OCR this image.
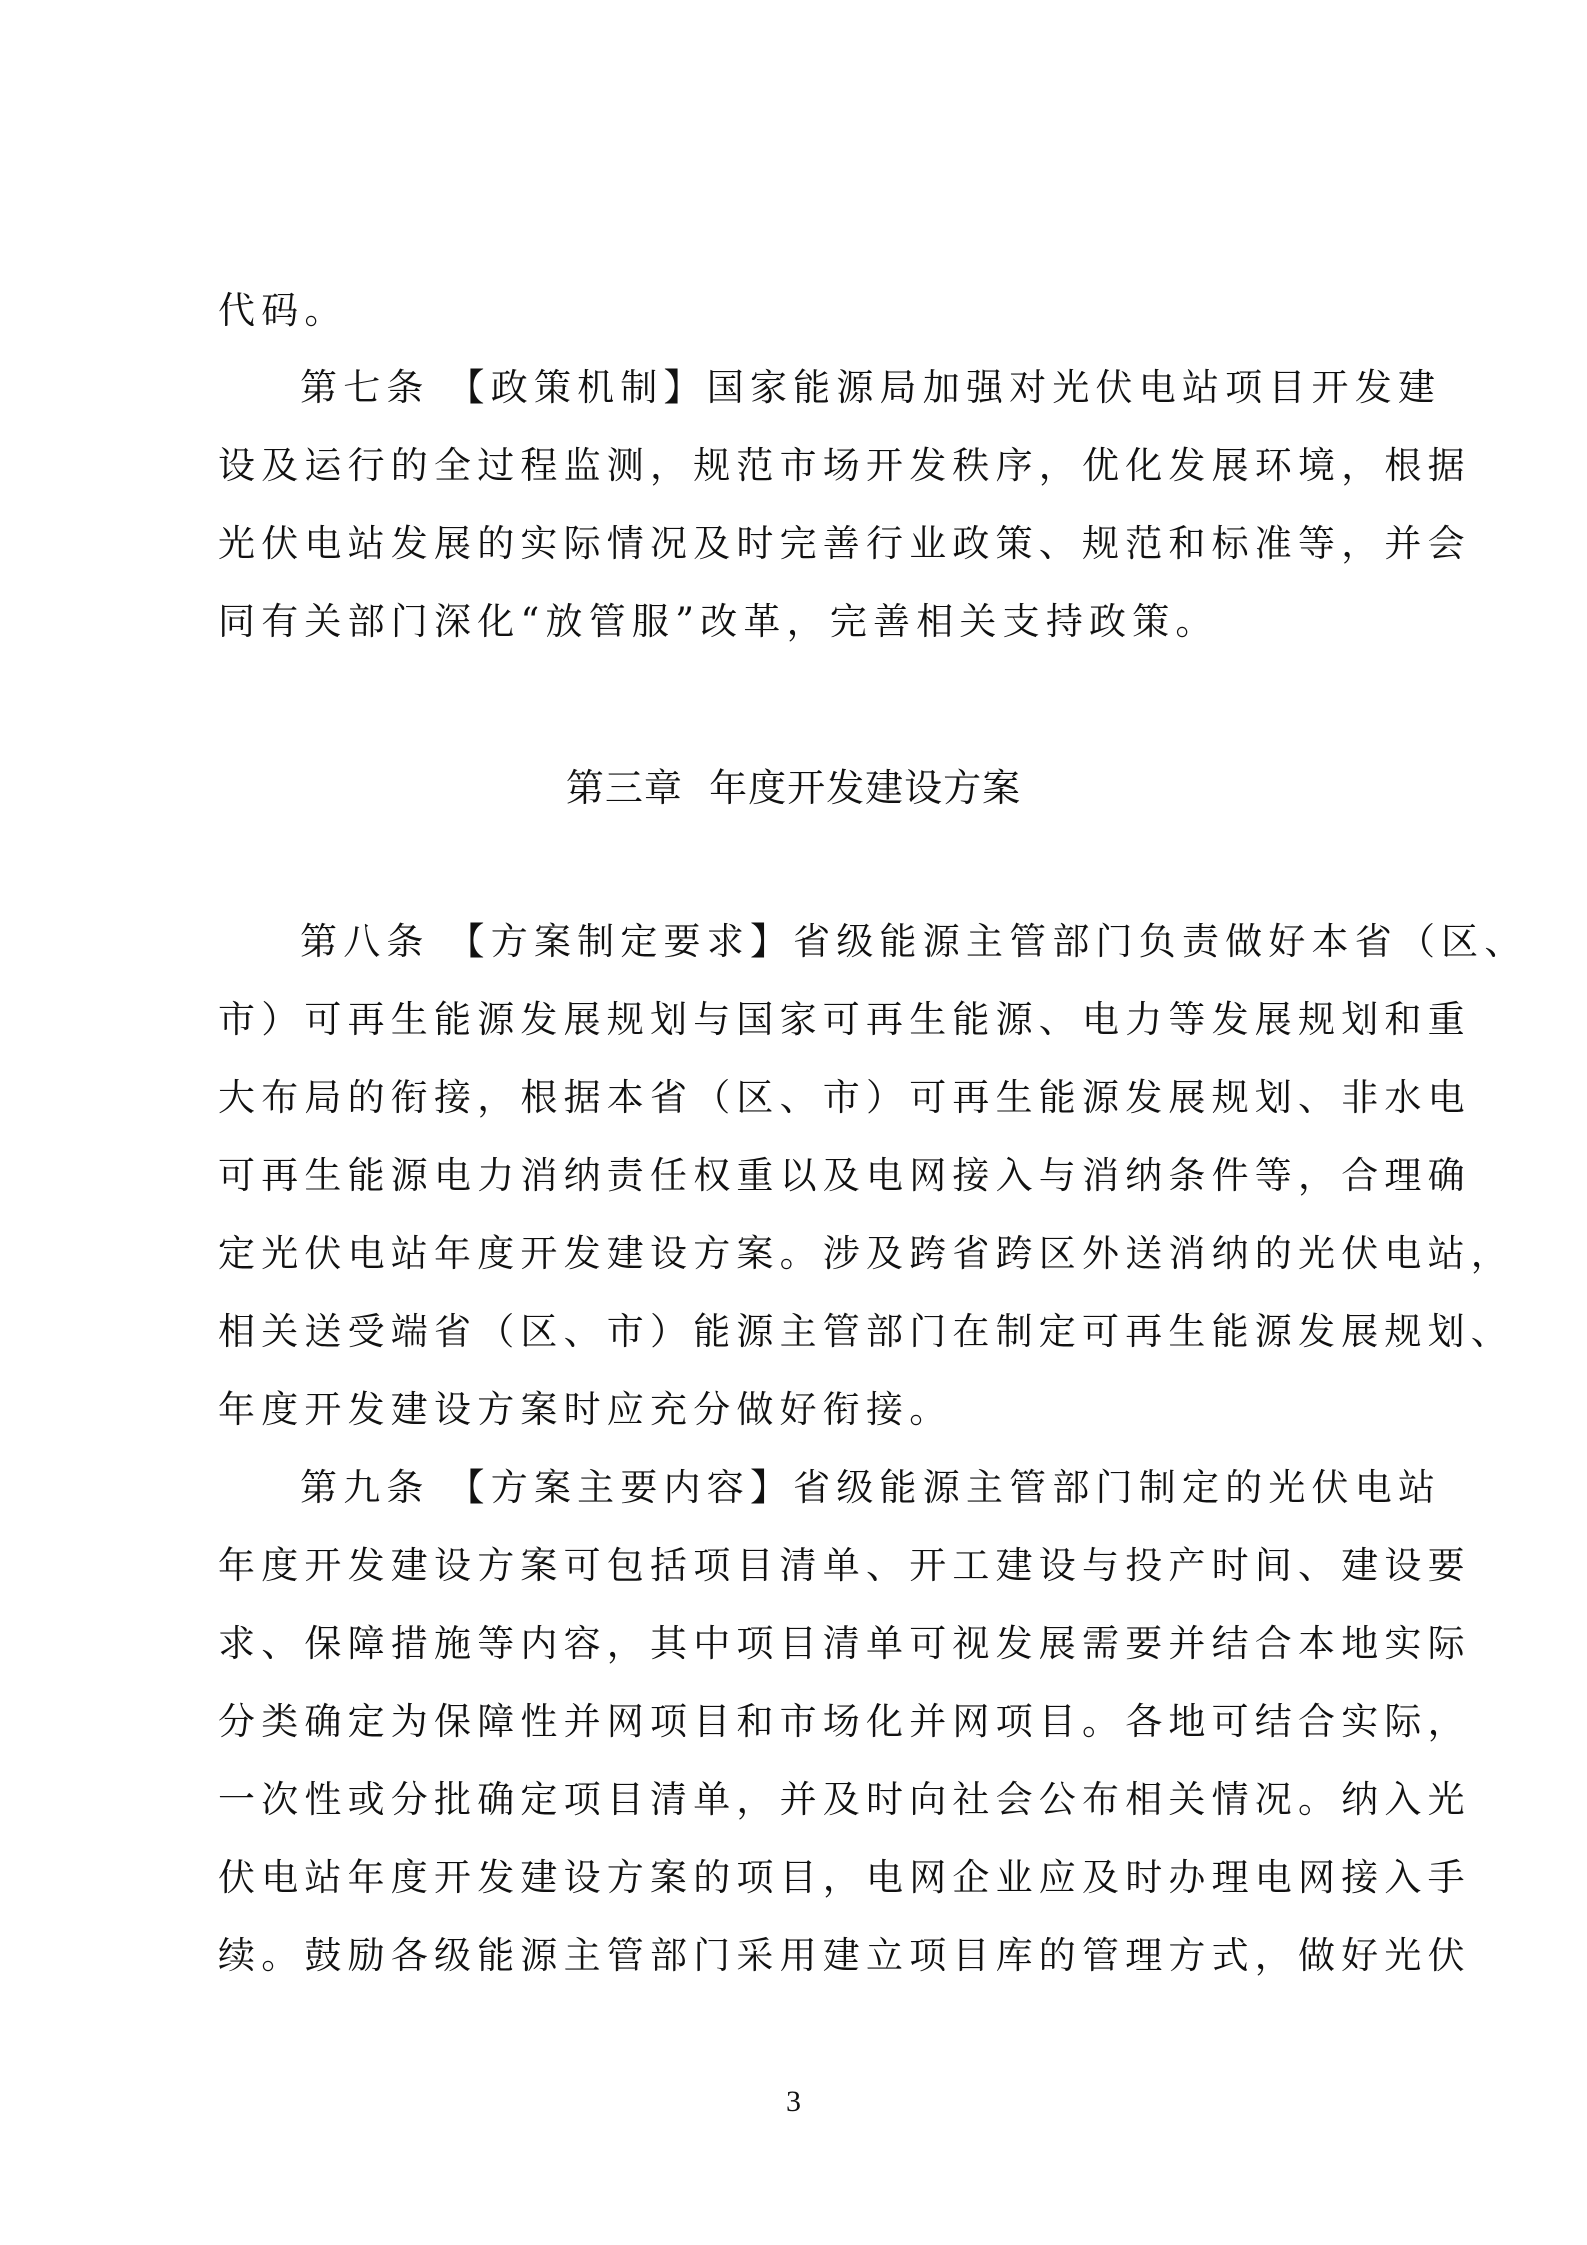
代码。
第七条 【政策机制】国家能源局加强对光伏电站项目开发建
设及运行的全过程监测，规范市场开发秩序，优化发展环境，根据
光伏电站发展的实际情况及时完善行业政策、规范和标准等，并会
同有关部门深化“放管服”改革，完善相关支持政策。
第三章  年度开发建设方案
第八条 【方案制定要求】省级能源主管部门负责做好本省（区、
市）可再生能源发展规划与国家可再生能源、电力等发展规划和重
大布局的衔接，根据本省（区、市）可再生能源发展规划、非水电
可再生能源电力消纳责任权重以及电网接入与消纳条件等，合理确
定光伏电站年度开发建设方案。涉及跨省跨区外送消纳的光伏电站，
相关送受端省（区、市）能源主管部门在制定可再生能源发展规划、
年度开发建设方案时应充分做好衔接。
第九条 【方案主要内容】省级能源主管部门制定的光伏电站
年度开发建设方案可包括项目清单、开工建设与投产时间、建设要
求、保障措施等内容，其中项目清单可视发展需要并结合本地实际
分类确定为保障性并网项目和市场化并网项目。各地可结合实际，
一次性或分批确定项目清单，并及时向社会公布相关情况。纳入光
伏电站年度开发建设方案的项目，电网企业应及时办理电网接入手
续。鼓励各级能源主管部门采用建立项目库的管理方式，做好光伏
3
